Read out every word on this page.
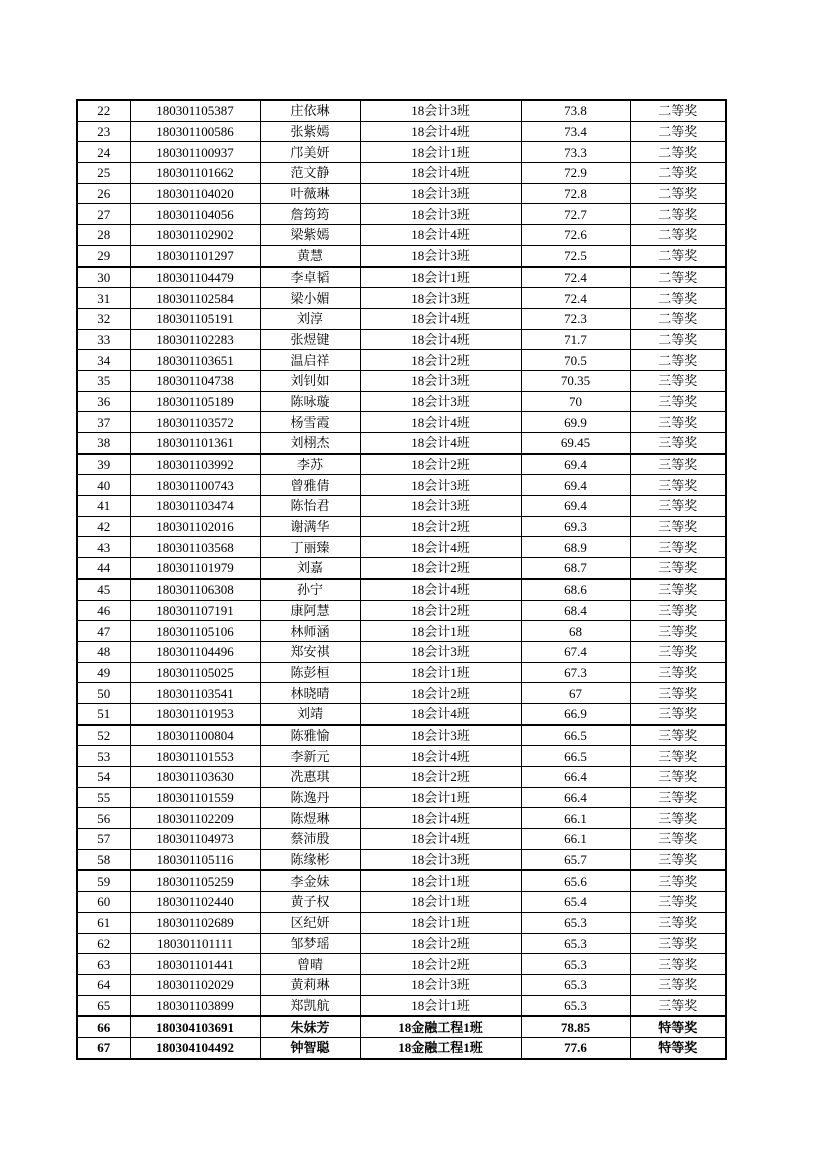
22	180301105387	庄依琳	18会计3班	73.8	二等奖
23	180301100586	张紫嫣	18会计4班	73.4	二等奖
24	180301100937	邝美妍	18会计1班	73.3	二等奖
25	180301101662	范文静	18会计4班	72.9	二等奖
26	180301104020	叶薇琳	18会计3班	72.8	二等奖
27	180301104056	詹筠筠	18会计3班	72.7	二等奖
28	180301102902	梁紫嫣	18会计4班	72.6	二等奖
29	180301101297	黄慧	18会计3班	72.5	二等奖
30	180301104479	李卓韬	18会计1班	72.4	二等奖
31	180301102584	梁小媚	18会计3班	72.4	二等奖
32	180301105191	刘淳	18会计4班	72.3	二等奖
33	180301102283	张煜键	18会计4班	71.7	二等奖
34	180301103651	温启祥	18会计2班	70.5	二等奖
35	180301104738	刘钊如	18会计3班	70.35	三等奖
36	180301105189	陈咏璇	18会计3班	70	三等奖
37	180301103572	杨雪霞	18会计4班	69.9	三等奖
38	180301101361	刘栩杰	18会计4班	69.45	三等奖
39	180301103992	李苏	18会计2班	69.4	三等奖
40	180301100743	曾雅倩	18会计3班	69.4	三等奖
41	180301103474	陈怡君	18会计3班	69.4	三等奖
42	180301102016	谢满华	18会计2班	69.3	三等奖
43	180301103568	丁丽臻	18会计4班	68.9	三等奖
44	180301101979	刘嘉	18会计2班	68.7	三等奖
45	180301106308	孙宁	18会计4班	68.6	三等奖
46	180301107191	康阿慧	18会计2班	68.4	三等奖
47	180301105106	林师涵	18会计1班	68	三等奖
48	180301104496	郑安祺	18会计3班	67.4	三等奖
49	180301105025	陈彭桓	18会计1班	67.3	三等奖
50	180301103541	林晓晴	18会计2班	67	三等奖
51	180301101953	刘靖	18会计4班	66.9	三等奖
52	180301100804	陈雅愉	18会计3班	66.5	三等奖
53	180301101553	李新元	18会计4班	66.5	三等奖
54	180301103630	冼惠琪	18会计2班	66.4	三等奖
55	180301101559	陈逸丹	18会计1班	66.4	三等奖
56	180301102209	陈煜琳	18会计4班	66.1	三等奖
57	180301104973	蔡沛殷	18会计4班	66.1	三等奖
58	180301105116	陈缘彬	18会计3班	65.7	三等奖
59	180301105259	李金妹	18会计1班	65.6	三等奖
60	180301102440	黄子权	18会计1班	65.4	三等奖
61	180301102689	区纪妍	18会计1班	65.3	三等奖
62	180301101111	邹梦瑶	18会计2班	65.3	三等奖
63	180301101441	曾晴	18会计2班	65.3	三等奖
64	180301102029	黄莉琳	18会计3班	65.3	三等奖
65	180301103899	郑凯航	18会计1班	65.3	三等奖
66	180304103691	朱妹芳	18金融工程1班	78.85	特等奖
67	180304104492	钟智聪	18金融工程1班	77.6	特等奖
